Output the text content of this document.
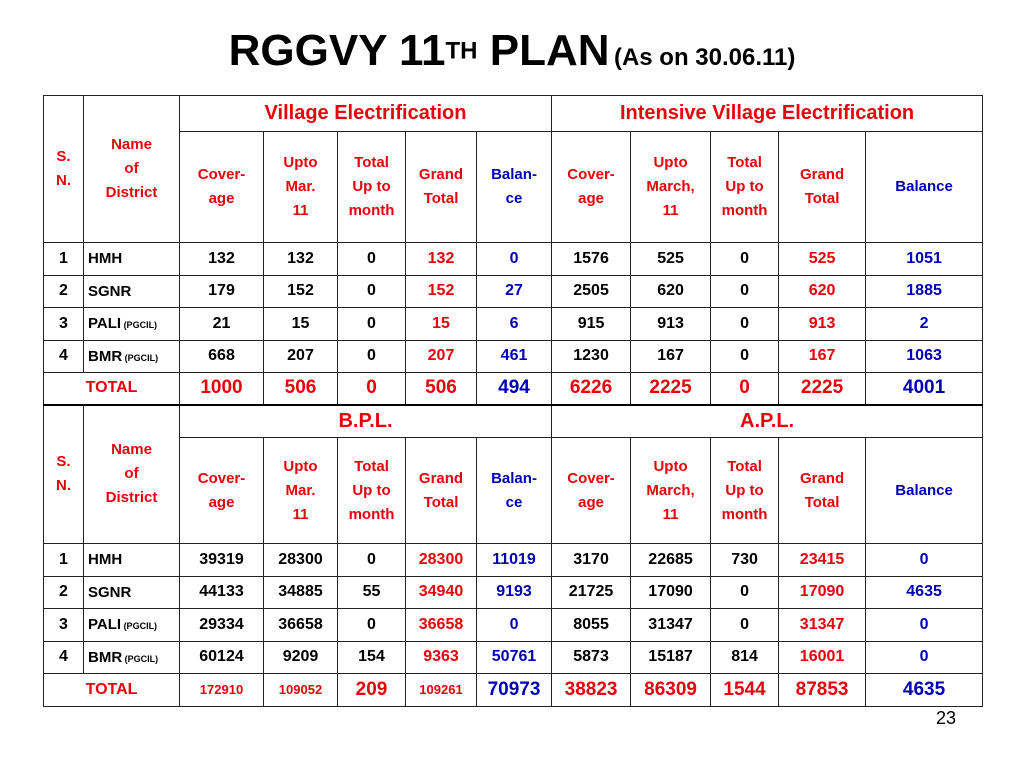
RGGVY 11TH PLAN (As on 30.06.11)
S.
N.	Name
of
District	Village Electrification					Intensive Village Electrification				
		Cover-
age	Upto
Mar.
11	Total
Up to
month	Grand
Total	Balan-
ce	Cover-
age	Upto
March,
11	Total
Up to
month	Grand
Total	Balance
1	HMH	132	132	0	132	0	1576	525	0	525	1051
2	SGNR	179	152	0	152	27	2505	620	0	620	1885
3	PALI (PGCIL)	21	15	0	15	6	915	913	0	913	2
4	BMR (PGCIL)	668	207	0	207	461	1230	167	0	167	1063
TOTAL		1000	506	0	506	494	6226	2225	0	2225	4001
S.
N.	Name
of
District	B.P.L.					A.P.L.				
		Cover-
age	Upto
Mar.
11	Total
Up to
month	Grand
Total	Balan-
ce	Cover-
age	Upto
March,
11	Total
Up to
month	Grand
Total	Balance
1	HMH	39319	28300	0	28300	11019	3170	22685	730	23415	0
2	SGNR	44133	34885	55	34940	9193	21725	17090	0	17090	4635
3	PALI (PGCIL)	29334	36658	0	36658	0	8055	31347	0	31347	0
4	BMR (PGCIL)	60124	9209	154	9363	50761	5873	15187	814	16001	0
TOTAL		172910	109052	209	109261	70973	38823	86309	1544	87853	4635
23
